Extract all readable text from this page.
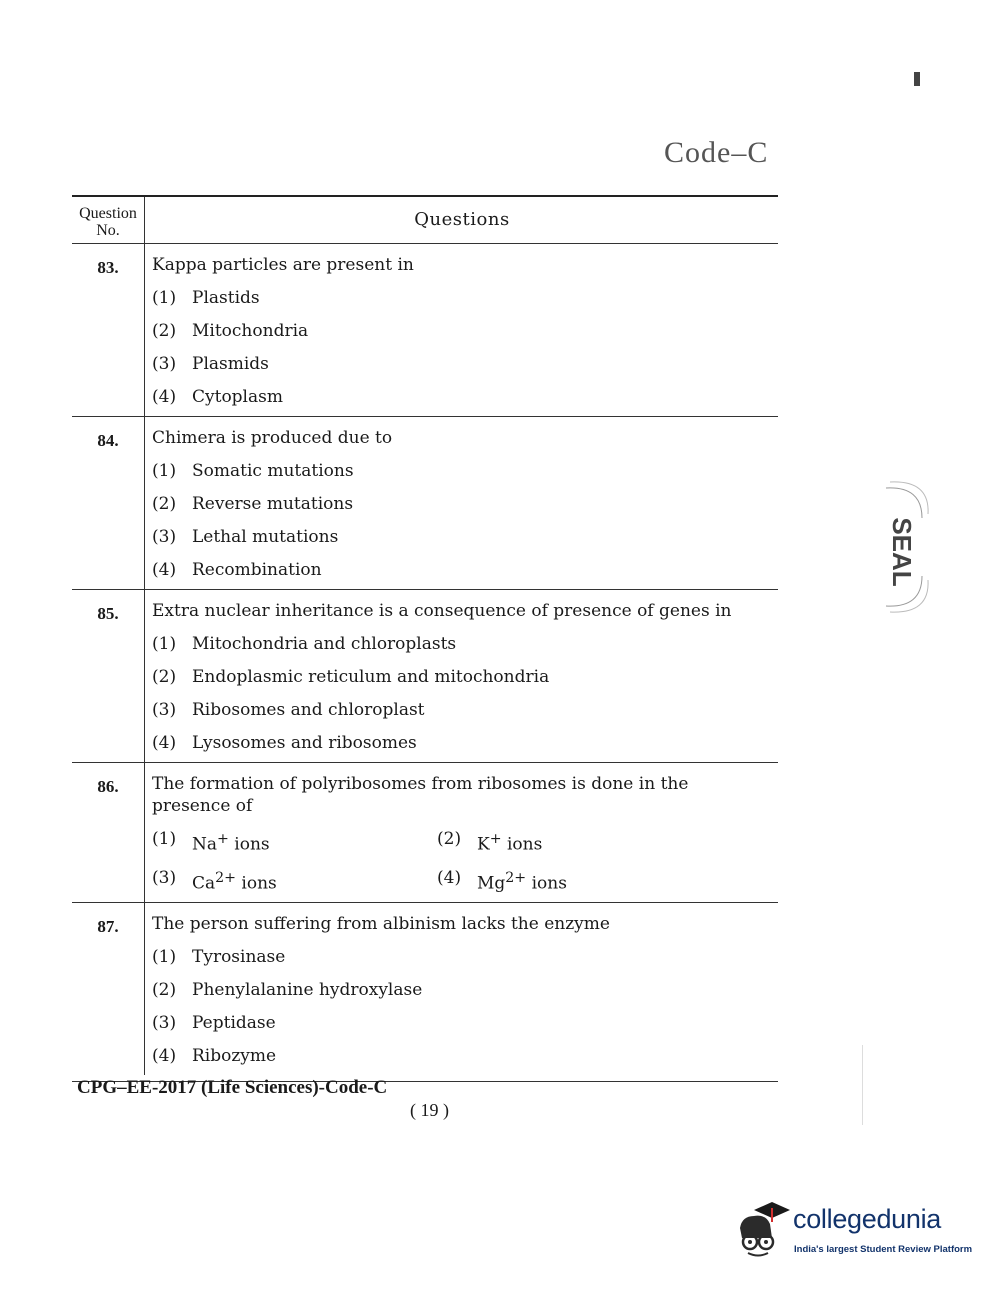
Code–C
Question No.
Questions
83.	Kappa particles are present in
(1) Plastids
(2) Mitochondria
(3) Plasmids
(4) Cytoplasm
84.	Chimera is produced due to
(1) Somatic mutations
(2) Reverse mutations
(3) Lethal mutations
(4) Recombination
85.	Extra nuclear inheritance is a consequence of presence of genes in
(1) Mitochondria and chloroplasts
(2) Endoplasmic reticulum and mitochondria
(3) Ribosomes and chloroplast
(4) Lysosomes and ribosomes
86.	The formation of polyribosomes from ribosomes is done in the presence of
(1) Na+ ions	(2) K+ ions
(3) $Ca^{2+}$ ions	(4) $Mg^{2+}$ ions
87.	The person suffering from albinism lacks the enzyme
(1) Tyrosinase
(2) Phenylalanine hydroxylase
(3) Peptidase
(4) Ribozyme
CPG–EE-2017 (Life Sciences)-Code-C
( 19 )
SEAL
collegedunia
India's largest Student Review Platform
